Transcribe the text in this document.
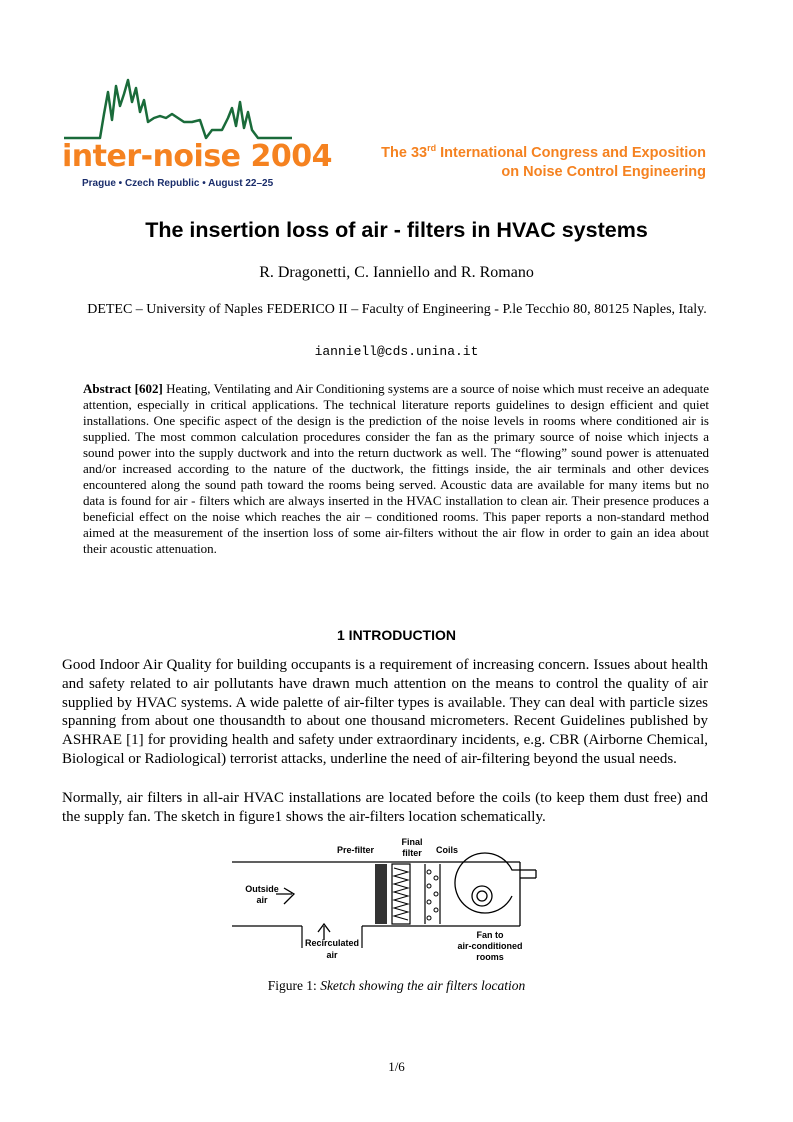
inter-noise 2004
Prague • Czech Republic • August 22–25
The 33rd International Congress and Exposition
on Noise Control Engineering
The insertion loss of air - filters in HVAC systems
R. Dragonetti, C. Ianniello and R. Romano
DETEC – University of Naples FEDERICO II – Faculty of Engineering - P.le Tecchio 80, 80125 Naples, Italy.
ianniell@cds.unina.it
Abstract [602] Heating, Ventilating and Air Conditioning systems are a source of noise which must receive an adequate attention, especially in critical applications. The technical literature reports guidelines to design efficient and quiet installations. One specific aspect of the design is the prediction of the noise levels in rooms where conditioned air is supplied. The most common calculation procedures consider the fan as the primary source of noise which injects a sound power into the supply ductwork and into the return ductwork as well. The “flowing” sound power is attenuated and/or increased according to the nature of the ductwork, the fittings inside, the air terminals and other devices encountered along the sound path toward the rooms being served. Acoustic data are available for many items but no data is found for air - filters which are always inserted in the HVAC installation to clean air. Their presence produces a beneficial effect on the noise which reaches the air – conditioned rooms. This paper reports a non-standard method aimed at the measurement of the insertion loss of some air-filters without the air flow in order to gain an idea about their acoustic attenuation.
1 INTRODUCTION

Good Indoor Air Quality for building occupants is a requirement of increasing concern. Issues about health and safety related to air pollutants have drawn much attention on the means to control the quality of air supplied by HVAC systems. A wide palette of air-filter types is available. They can deal with particle sizes spanning from about one thousandth to about one thousand micrometers. Recent Guidelines published by ASHRAE [1] for providing health and safety under extraordinary incidents, e.g. CBR (Airborne Chemical, Biological or Radiological) terrorist attacks, underline the need of air-filtering beyond the usual needs.

Normally, air filters in all-air HVAC installations are located before the coils (to keep them dust free) and the supply fan. The sketch in figure1 shows the air-filters location schematically.

Pre-filter
Final
filter Coils
Outside
air
Recirculated
air
Fan to
air-conditioned
rooms
Figure 1: Sketch showing the air filters location
1/6
